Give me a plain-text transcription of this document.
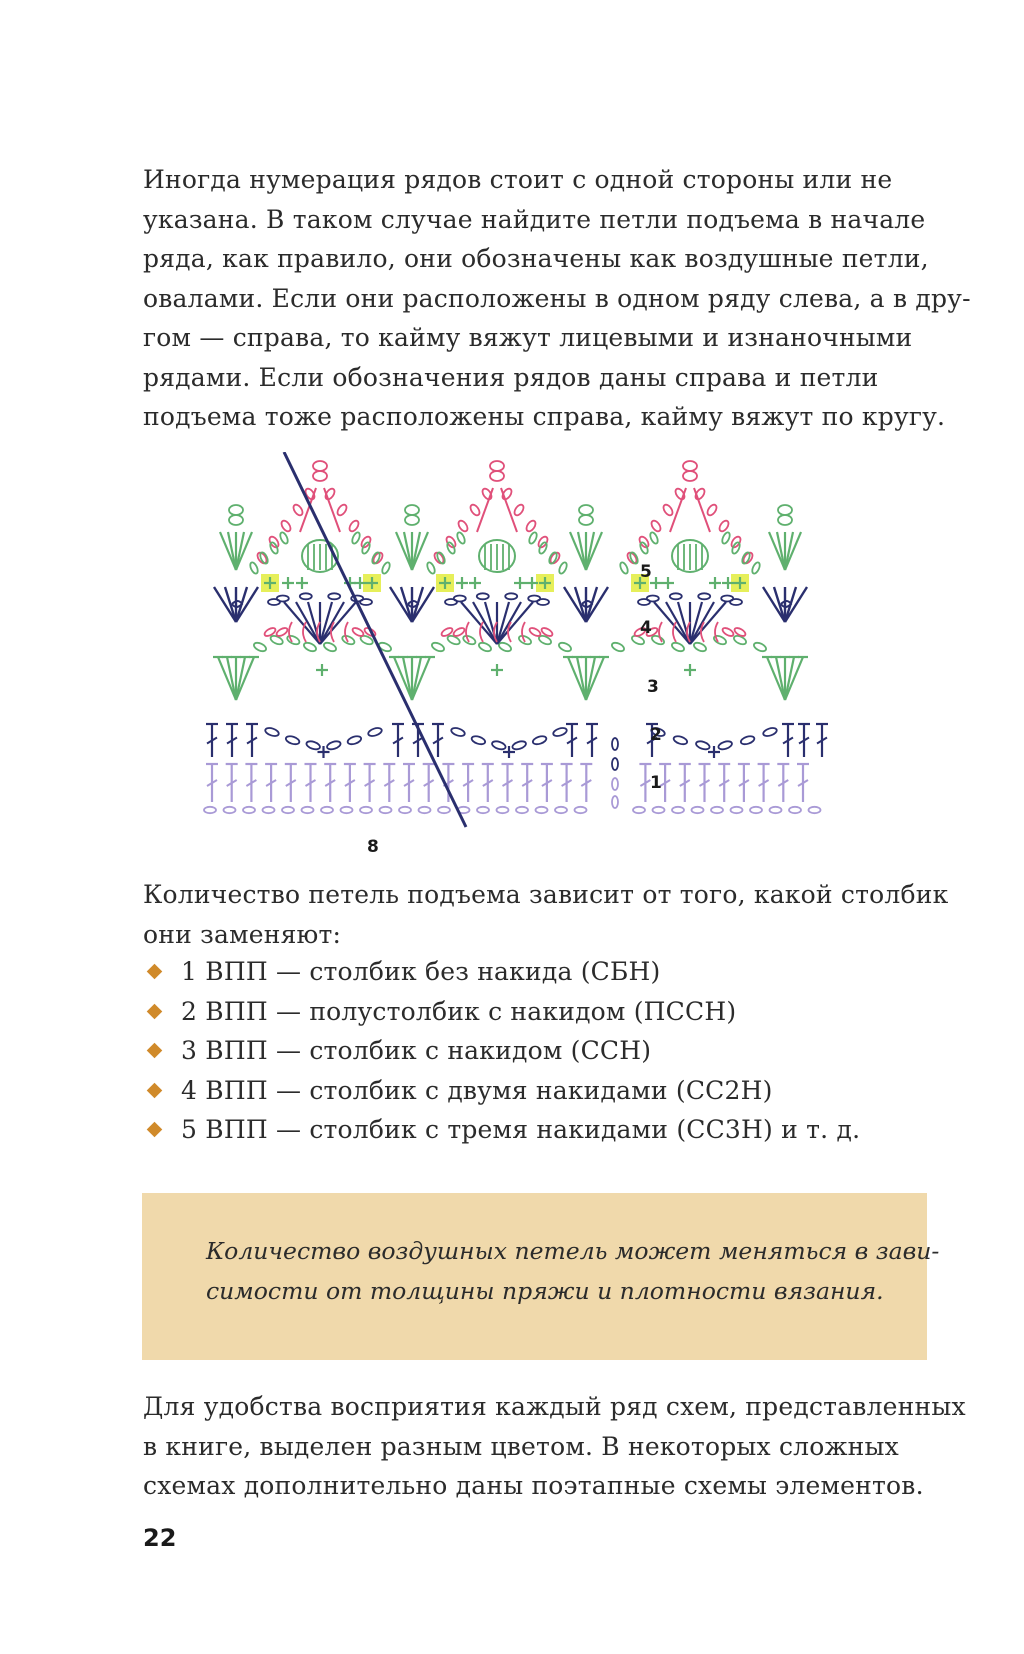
Иногда нумерация рядов стоит с одной стороны или не
указана. В таком случае найдите петли подъема в начале
ряда, как правило, они обозначены как воздушные петли,
овалами. Если они расположены в одном ряду слева, а в дру-
гом — справа, то кайму вяжут лицевыми и изнаночными
рядами. Если обозначения рядов даны справа и петли
подъема тоже расположены справа, кайму вяжут по кругу.

5
4
3
2
1
8

Количество петель подъема зависит от того, какой столбик
они заменяют:

1 ВПП — столбик без накида (СБН)
2 ВПП — полустолбик с накидом (ПССН)
3 ВПП — столбик с накидом (ССН)
4 ВПП — столбик с двумя накидами (СС2Н)
5 ВПП — столбик с тремя накидами (СС3Н) и т. д.
Количество воздушных петель может меняться в зави-
симости от толщины пряжи и плотности вязания.

Для удобства восприятия каждый ряд схем, представленных
в книге, выделен разным цветом. В некоторых сложных
схемах дополнительно даны поэтапные схемы элементов.

22
